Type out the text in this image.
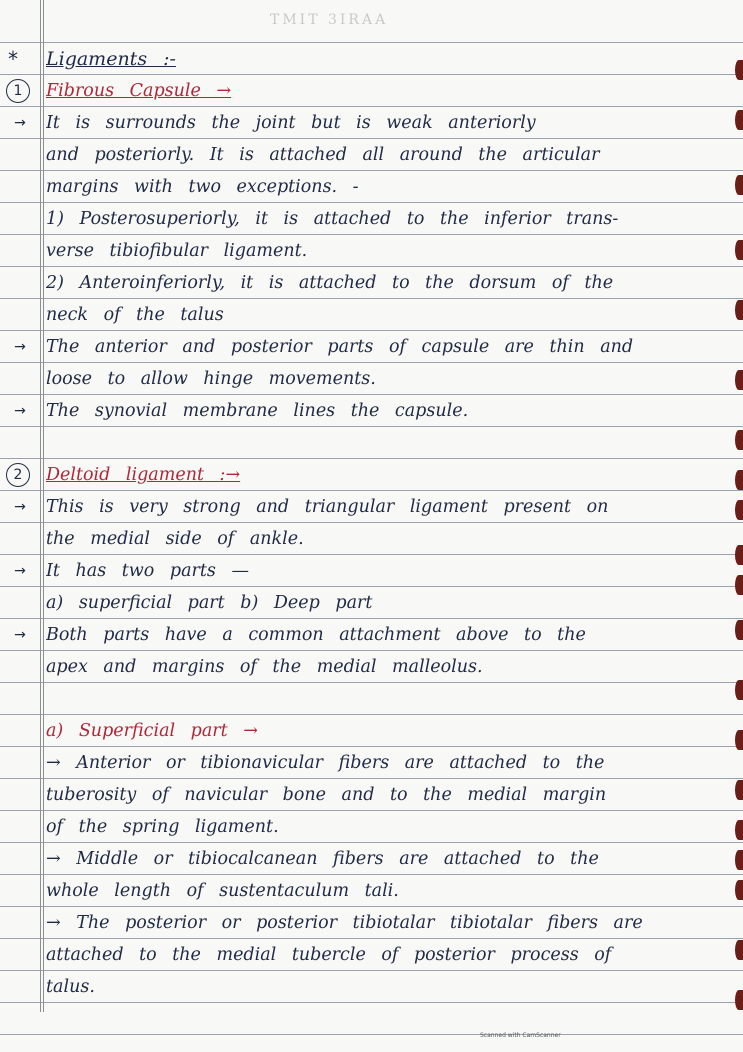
TMIT 3IRAA
* Ligaments :-
1	Fibrous Capsule →
→	It is surrounds the joint but is weak anteriorly
and posteriorly. It is attached all around the articular
margins with two exceptions. -
1) Posterosuperiorly, it is attached to the inferior trans-
verse tibiofibular ligament.
2) Anteroinferiorly, it is attached to the dorsum of the
neck of the talus
→	The anterior and posterior parts of capsule are thin and
loose to allow hinge movements.
→	The synovial membrane lines the capsule.
2	Deltoid ligament :→
→	This is very strong and triangular ligament present on
the medial side of ankle.
→	It has two parts —
a) superficial part b) Deep part
→	Both parts have a common attachment above to the
apex and margins of the medial malleolus.
a) Superficial part →
→ Anterior or tibionavicular fibers are attached to the
tuberosity of navicular bone and to the medial margin
of the spring ligament.
→ Middle or tibiocalcanean fibers are attached to the
whole length of sustentaculum tali.
→ The posterior or posterior tibiotalar tibiotalar fibers are
attached to the medial tubercle of posterior process of
talus.
Scanned with CamScanner
